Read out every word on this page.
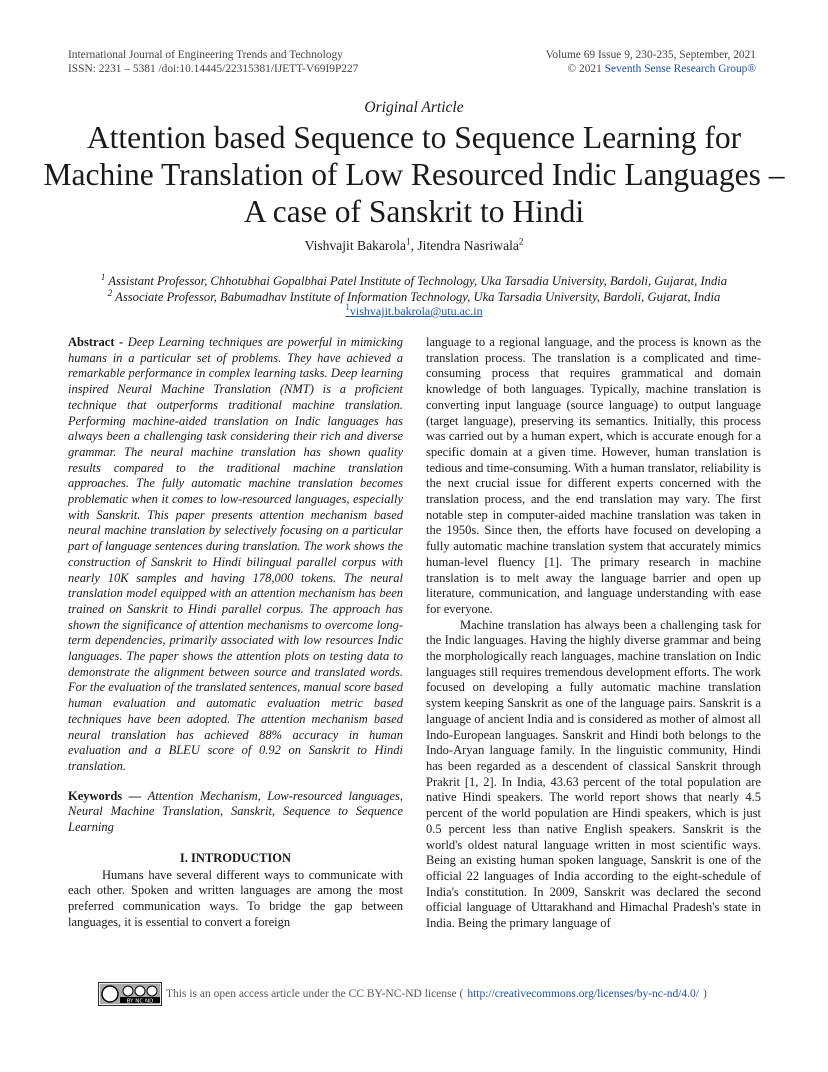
International Journal of Engineering Trends and Technology
ISSN: 2231 – 5381 /doi:10.14445/22315381/IJETT-V69I9P227
Volume 69 Issue 9, 230-235, September, 2021
© 2021 Seventh Sense Research Group®
Original Article
Attention based Sequence to Sequence Learning for Machine Translation of Low Resourced Indic Languages – A case of Sanskrit to Hindi
Vishvajit Bakarola$^1$, Jitendra Nasriwala$^2$
$^1$ Assistant Professor, Chhotubhai Gopalbhai Patel Institute of Technology, Uka Tarsadia University, Bardoli, Gujarat, India
$^2$ Associate Professor, Babumadhav Institute of Information Technology, Uka Tarsadia University, Bardoli, Gujarat, India
$^1$vishvajit.bakrola@utu.ac.in

Abstract - Deep Learning techniques are powerful in mimicking humans in a particular set of problems. They have achieved a remarkable performance in complex learning tasks. Deep learning inspired Neural Machine Translation (NMT) is a proficient technique that outperforms traditional machine translation. Performing machine-aided translation on Indic languages has always been a challenging task considering their rich and diverse grammar. The neural machine translation has shown quality results compared to the traditional machine translation approaches. The fully automatic machine translation becomes problematic when it comes to low-resourced languages, especially with Sanskrit. This paper presents attention mechanism based neural machine translation by selectively focusing on a particular part of language sentences during translation. The work shows the construction of Sanskrit to Hindi bilingual parallel corpus with nearly 10K samples and having 178,000 tokens. The neural translation model equipped with an attention mechanism has been trained on Sanskrit to Hindi parallel corpus. The approach has shown the significance of attention mechanisms to overcome long-term dependencies, primarily associated with low resources Indic languages. The paper shows the attention plots on testing data to demonstrate the alignment between source and translated words. For the evaluation of the translated sentences, manual score based human evaluation and automatic evaluation metric based techniques have been adopted. The attention mechanism based neural translation has achieved 88% accuracy in human evaluation and a BLEU score of 0.92 on Sanskrit to Hindi translation.

Keywords — Attention Mechanism, Low-resourced languages, Neural Machine Translation, Sanskrit, Sequence to Sequence Learning

I. INTRODUCTION

Humans have several different ways to communicate with each other. Spoken and written languages are among the most preferred communication ways. To bridge the gap between languages, it is essential to convert a foreign

language to a regional language, and the process is known as the translation process. The translation is a complicated and time-consuming process that requires grammatical and domain knowledge of both languages. Typically, machine translation is converting input language (source language) to output language (target language), preserving its semantics. Initially, this process was carried out by a human expert, which is accurate enough for a specific domain at a given time. However, human translation is tedious and time-consuming. With a human translator, reliability is the next crucial issue for different experts concerned with the translation process, and the end translation may vary. The first notable step in computer-aided machine translation was taken in the 1950s. Since then, the efforts have focused on developing a fully automatic machine translation system that accurately mimics human-level fluency [1]. The primary research in machine translation is to melt away the language barrier and open up literature, communication, and language understanding with ease for everyone.

Machine translation has always been a challenging task for the Indic languages. Having the highly diverse grammar and being the morphologically reach languages, machine translation on Indic languages still requires tremendous development efforts. The work focused on developing a fully automatic machine translation system keeping Sanskrit as one of the language pairs. Sanskrit is a language of ancient India and is considered as mother of almost all Indo-European languages. Sanskrit and Hindi both belongs to the Indo-Aryan language family. In the linguistic community, Hindi has been regarded as a descendent of classical Sanskrit through Prakrit [1, 2]. In India, 43.63 percent of the total population are native Hindi speakers. The world report shows that nearly 4.5 percent of the world population are Hindi speakers, which is just 0.5 percent less than native English speakers. Sanskrit is the world's oldest natural language written in most scientific ways. Being an existing human spoken language, Sanskrit is one of the official 22 languages of India according to the eight-schedule of India's constitution. In 2009, Sanskrit was declared the second official language of Uttarakhand and Himachal Pradesh's state in India. Being the primary language of

BY NC ND
This is an open access article under the CC BY-NC-ND license ( http://creativecommons.org/licenses/by-nc-nd/4.0/ )
